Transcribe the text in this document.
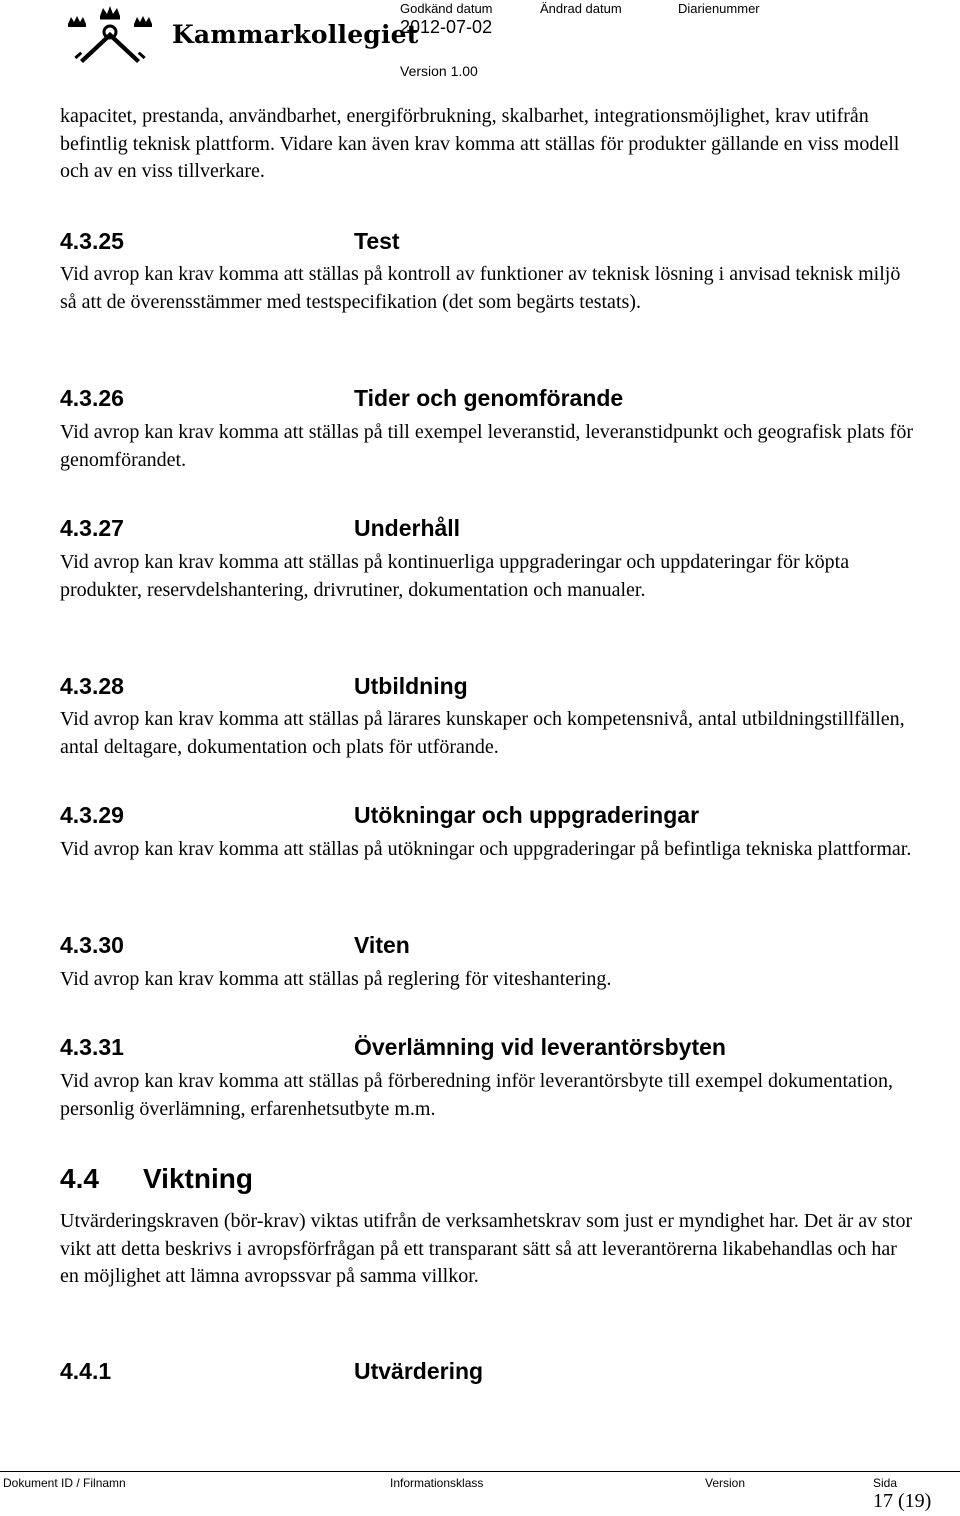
Kammarkollegiet
Godkänd datum	Ändrad datum	Diarienummer
2012-07-02
Version 1.00

kapacitet, prestanda, användbarhet, energiförbrukning, skalbarhet, integrationsmöjlighet, krav utifrån befintlig teknisk plattform. Vidare kan även krav komma att ställas för produkter gällande en viss modell och av en viss tillverkare.

4.3.25	Test

Vid avrop kan krav komma att ställas på kontroll av funktioner av teknisk lösning i anvisad teknisk miljö så att de överensstämmer med testspecifikation (det som begärts testats).

4.3.26	Tider och genomförande

Vid avrop kan krav komma att ställas på till exempel leveranstid, leveranstidpunkt och geografisk plats för genomförandet.

4.3.27	Underhåll

Vid avrop kan krav komma att ställas på kontinuerliga uppgraderingar och uppdateringar för köpta produkter, reservdelshantering, drivrutiner, dokumentation och manualer.

4.3.28	Utbildning

Vid avrop kan krav komma att ställas på lärares kunskaper och kompetensnivå, antal utbildningstillfällen, antal deltagare, dokumentation och plats för utförande.

4.3.29	Utökningar och uppgraderingar

Vid avrop kan krav komma att ställas på utökningar och uppgraderingar på befintliga tekniska plattformar.

4.3.30	Viten

Vid avrop kan krav komma att ställas på reglering för viteshantering.

4.3.31	Överlämning vid leverantörsbyten

Vid avrop kan krav komma att ställas på förberedning inför leverantörsbyte till exempel dokumentation, personlig överlämning, erfarenhetsutbyte m.m.

4.4 Viktning

Utvärderingskraven (bör-krav) viktas utifrån de verksamhetskrav som just er myndighet har. Det är av stor vikt att detta beskrivs i avropsförfrågan på ett transparant sätt så att leverantörerna likabehandlas och har en möjlighet att lämna avropssvar på samma villkor.

4.4.1	Utvärdering
Dokument ID / Filnamn	Informationsklass	Version	Sida
17 (19)
